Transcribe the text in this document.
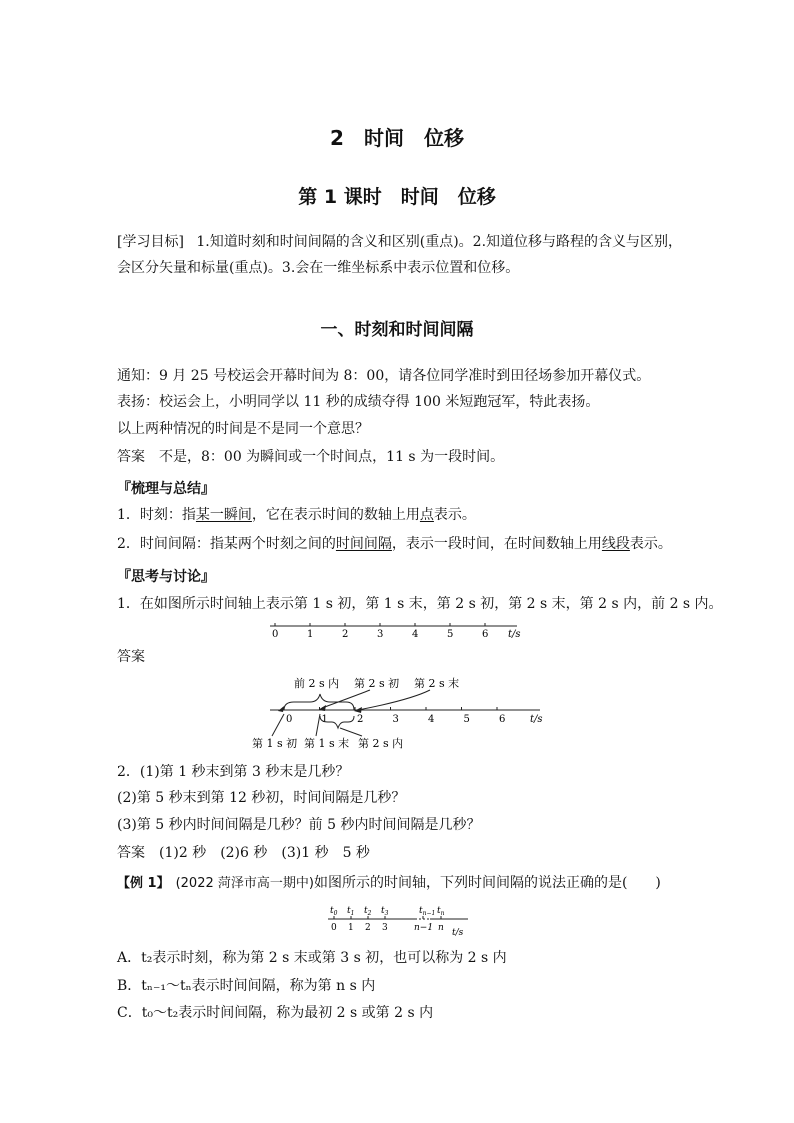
2　时间　位移
第 1 课时　时间　位移
[学习目标] 1.知道时刻和时间间隔的含义和区别(重点)。2.知道位移与路程的含义与区别，
会区分矢量和标量(重点)。3.会在一维坐标系中表示位置和位移。
一、时刻和时间间隔
通知：9 月 25 号校运会开幕时间为 8：00，请各位同学准时到田径场参加开幕仪式。
表扬：校运会上，小明同学以 11 秒的成绩夺得 100 米短跑冠军，特此表扬。
以上两种情况的时间是不是同一个意思？
答案 不是，8：00 为瞬间或一个时间点，11 s 为一段时间。
『梳理与总结』
1．时刻：指某一瞬间，它在表示时间的数轴上用点表示。
2．时间间隔：指某两个时刻之间的时间间隔，表示一段时间，在时间数轴上用线段表示。
『思考与讨论』
1．在如图所示时间轴上表示第 1 s 初，第 1 s 末，第 2 s 初，第 2 s 末，第 2 s 内，前 2 s 内。
0	1	2	3	4	5	6 t/s
答案
前 2 s 内 第 2 s 初 第 2 s 末
0	1	2	3	4	5	6 t/s
第 1 s 初 第 1 s 末 第 2 s 内
2．(1)第 1 秒末到第 3 秒末是几秒？
(2)第 5 秒末到第 12 秒初，时间间隔是几秒？
(3)第 5 秒内时间间隔是几秒？前 5 秒内时间间隔是几秒？
答案 (1)2 秒　(2)6 秒　(3)1 秒　5 秒
【例 1】 (2022 菏泽市高一期中)如图所示的时间轴，下列时间间隔的说法正确的是(　　)
$t_0$ $t_1$ $t_2$ $t_3$	$t_{n-1}$ $t_n$
0 1 2 3	n−1 n t/s
A．t₂表示时刻，称为第 2 s 末或第 3 s 初，也可以称为 2 s 内
B．tₙ₋₁～tₙ表示时间间隔，称为第 n s 内
C．t₀～t₂表示时间间隔，称为最初 2 s 或第 2 s 内
